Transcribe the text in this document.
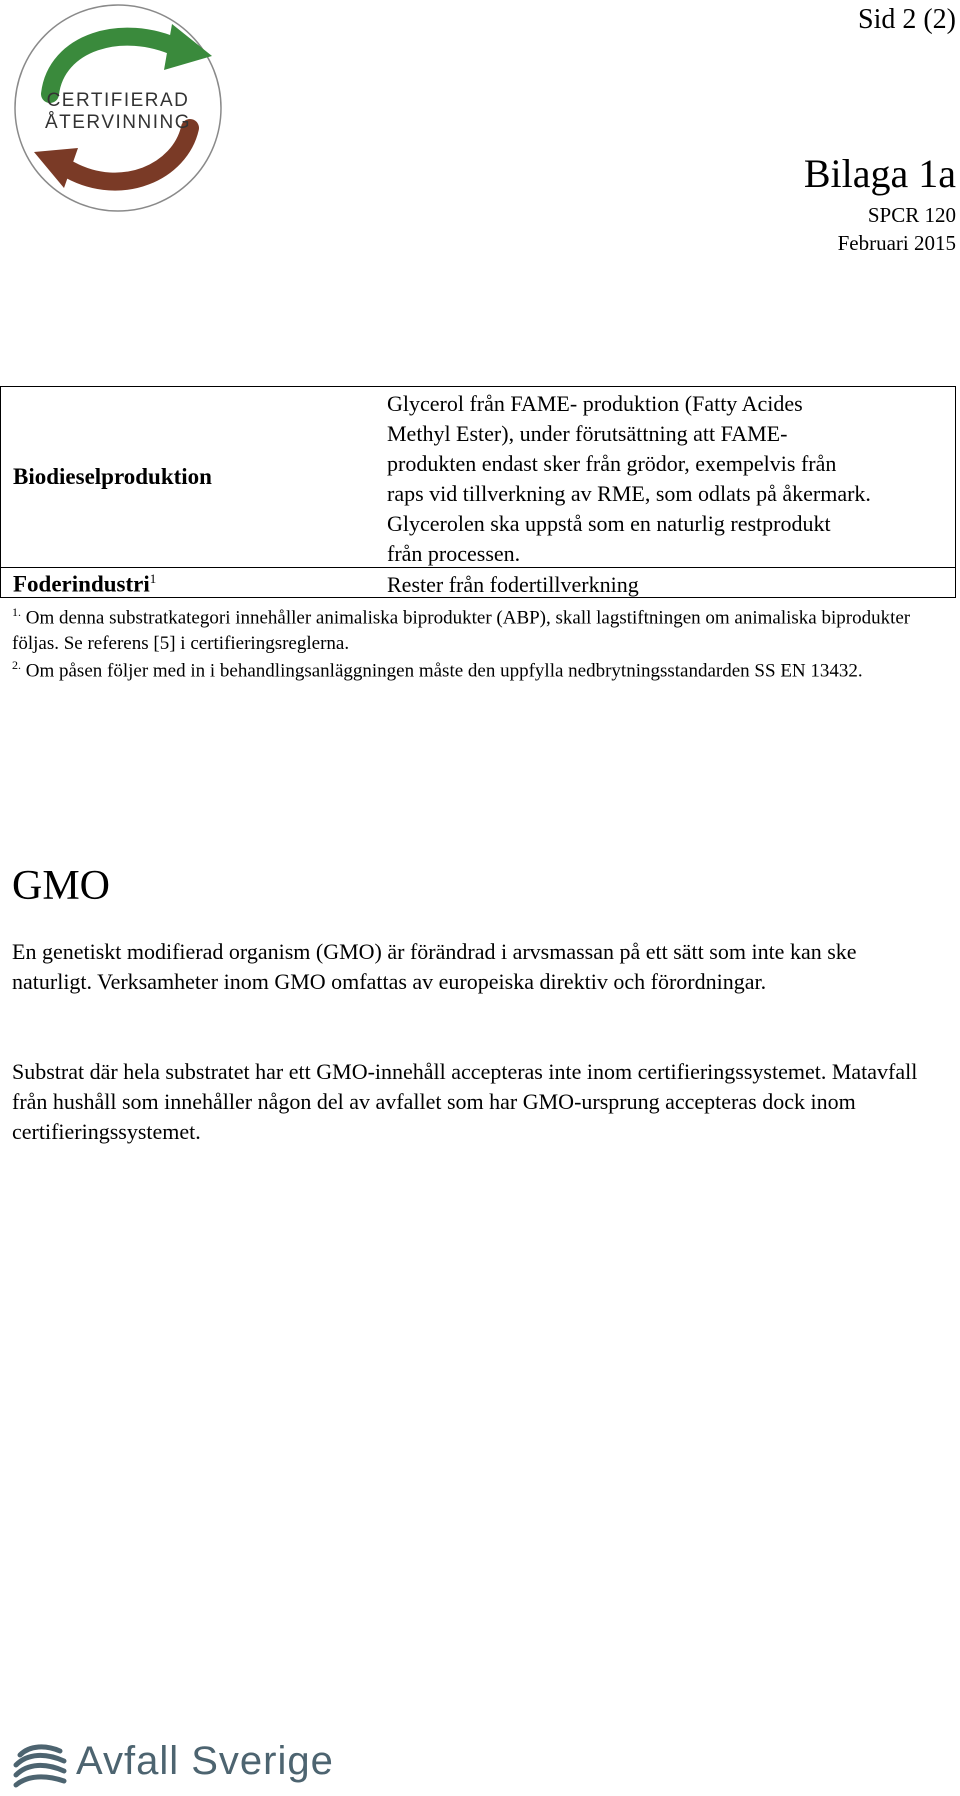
Sid 2 (2)
CERTIFIERAD
ÅTERVINNING
Bilaga 1a
SPCR 120
Februari 2015
Biodieselproduktion
Glycerol från FAME- produktion (Fatty Acides
Methyl Ester), under förutsättning att FAME-
produkten endast sker från grödor, exempelvis från
raps vid tillverkning av RME, som odlats på åkermark.
Glycerolen ska uppstå som en naturlig restprodukt
från processen.
Foderindustri$^1$	Rester från fodertillverkning
$^{1.}$ Om denna substratkategori innehåller animaliska biprodukter (ABP), skall lagstiftningen om animaliska biprodukter följas. Se referens [5] i certifieringsreglerna.
$^{2.}$ Om påsen följer med in i behandlingsanläggningen måste den uppfylla nedbrytningsstandarden SS EN 13432.
GMO
En genetiskt modifierad organism (GMO) är förändrad i arvsmassan på ett sätt som inte kan ske naturligt. Verksamheter inom GMO omfattas av europeiska direktiv och förordningar.
Substrat där hela substratet har ett GMO-innehåll accepteras inte inom certifieringssystemet. Matavfall från hushåll som innehåller någon del av avfallet som har GMO-ursprung accepteras dock inom certifieringssystemet.
Avfall Sverige
